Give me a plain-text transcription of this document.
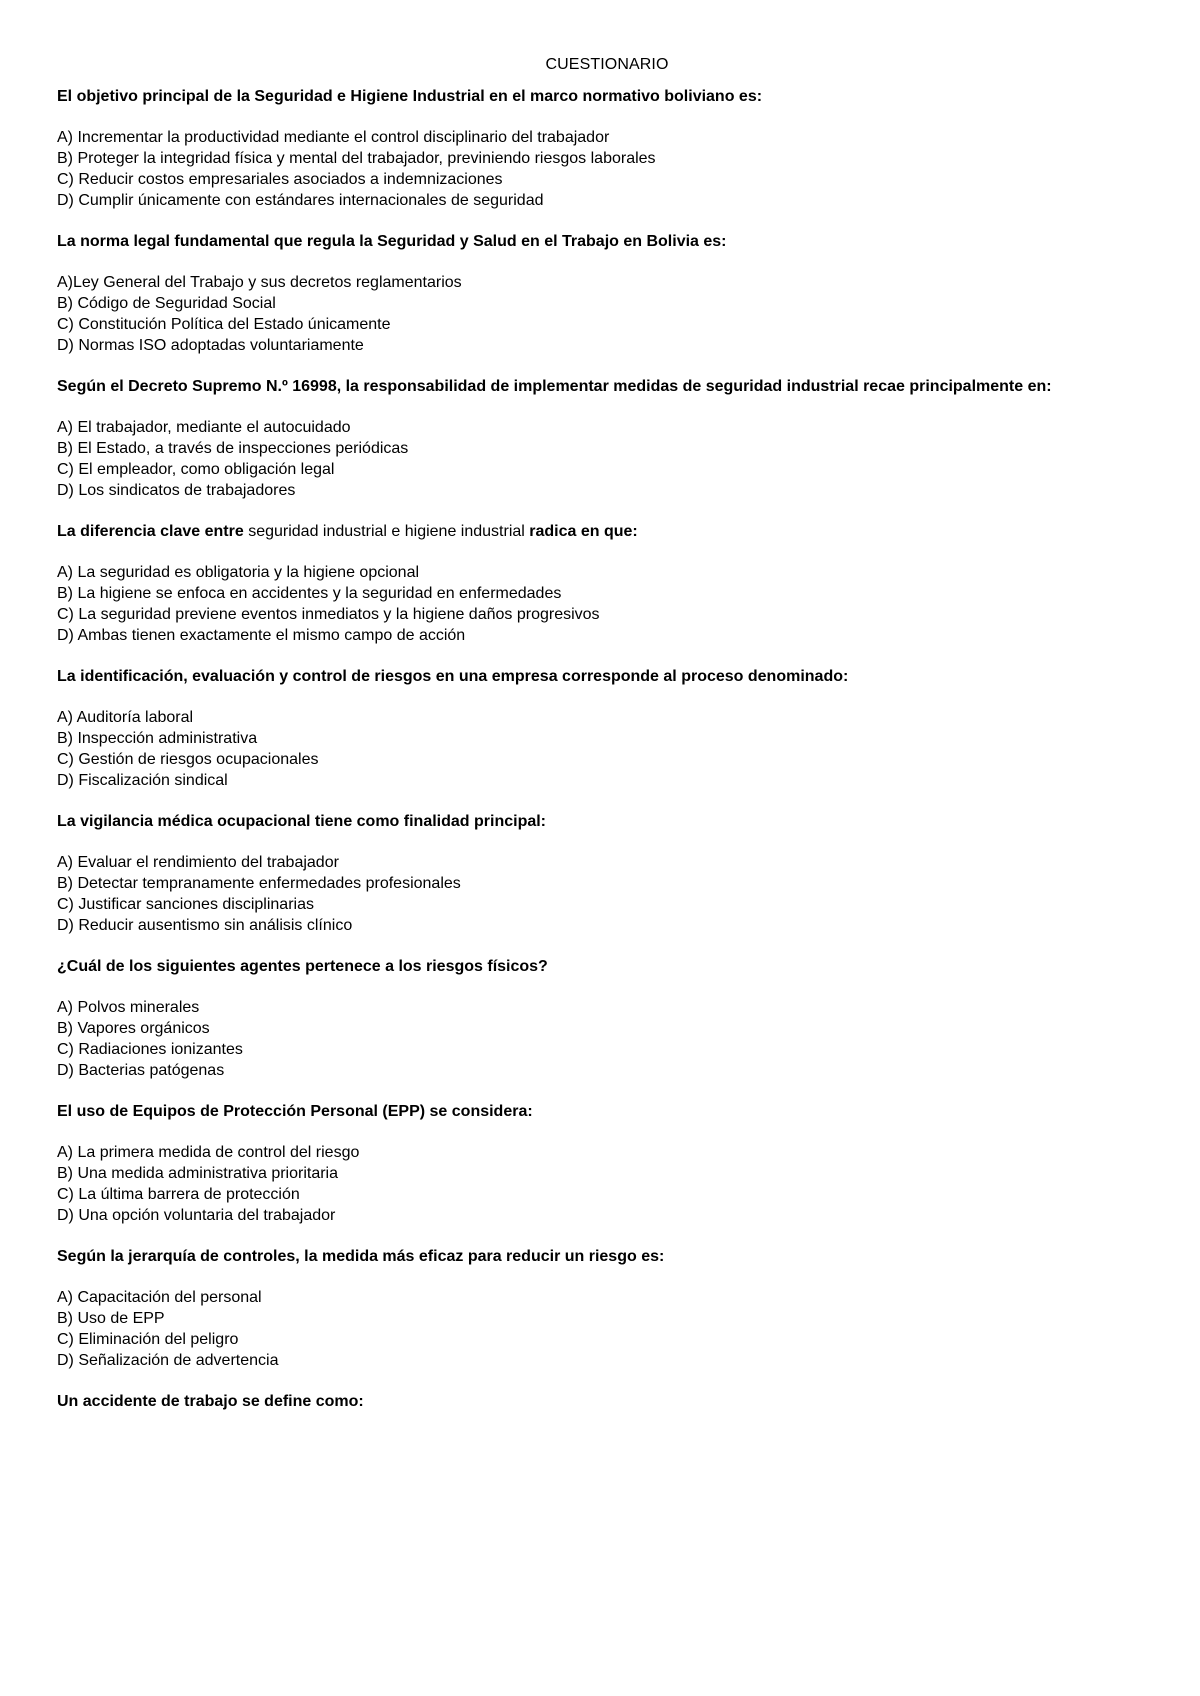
CUESTIONARIO
El objetivo principal de la Seguridad e Higiene Industrial en el marco normativo boliviano es:
A) Incrementar la productividad mediante el control disciplinario del trabajador
B) Proteger la integridad física y mental del trabajador, previniendo riesgos laborales
C) Reducir costos empresariales asociados a indemnizaciones
D) Cumplir únicamente con estándares internacionales de seguridad
La norma legal fundamental que regula la Seguridad y Salud en el Trabajo en Bolivia es:
A)Ley General del Trabajo y sus decretos reglamentarios
B) Código de Seguridad Social
C) Constitución Política del Estado únicamente
D) Normas ISO adoptadas voluntariamente
Según el Decreto Supremo N.º 16998, la responsabilidad de implementar medidas de seguridad industrial recae principalmente en:
A) El trabajador, mediante el autocuidado
B) El Estado, a través de inspecciones periódicas
C) El empleador, como obligación legal
D) Los sindicatos de trabajadores
La diferencia clave entre seguridad industrial e higiene industrial radica en que:
A) La seguridad es obligatoria y la higiene opcional
B) La higiene se enfoca en accidentes y la seguridad en enfermedades
C) La seguridad previene eventos inmediatos y la higiene daños progresivos
D) Ambas tienen exactamente el mismo campo de acción
La identificación, evaluación y control de riesgos en una empresa corresponde al proceso denominado:
A) Auditoría laboral
B) Inspección administrativa
C) Gestión de riesgos ocupacionales
D) Fiscalización sindical
La vigilancia médica ocupacional tiene como finalidad principal:
A) Evaluar el rendimiento del trabajador
B) Detectar tempranamente enfermedades profesionales
C) Justificar sanciones disciplinarias
D) Reducir ausentismo sin análisis clínico
¿Cuál de los siguientes agentes pertenece a los riesgos físicos?
A) Polvos minerales
B) Vapores orgánicos
C) Radiaciones ionizantes
D) Bacterias patógenas
El uso de Equipos de Protección Personal (EPP) se considera:
A) La primera medida de control del riesgo
B) Una medida administrativa prioritaria
C) La última barrera de protección
D) Una opción voluntaria del trabajador
Según la jerarquía de controles, la medida más eficaz para reducir un riesgo es:
A) Capacitación del personal
B) Uso de EPP
C) Eliminación del peligro
D) Señalización de advertencia
Un accidente de trabajo se define como:
